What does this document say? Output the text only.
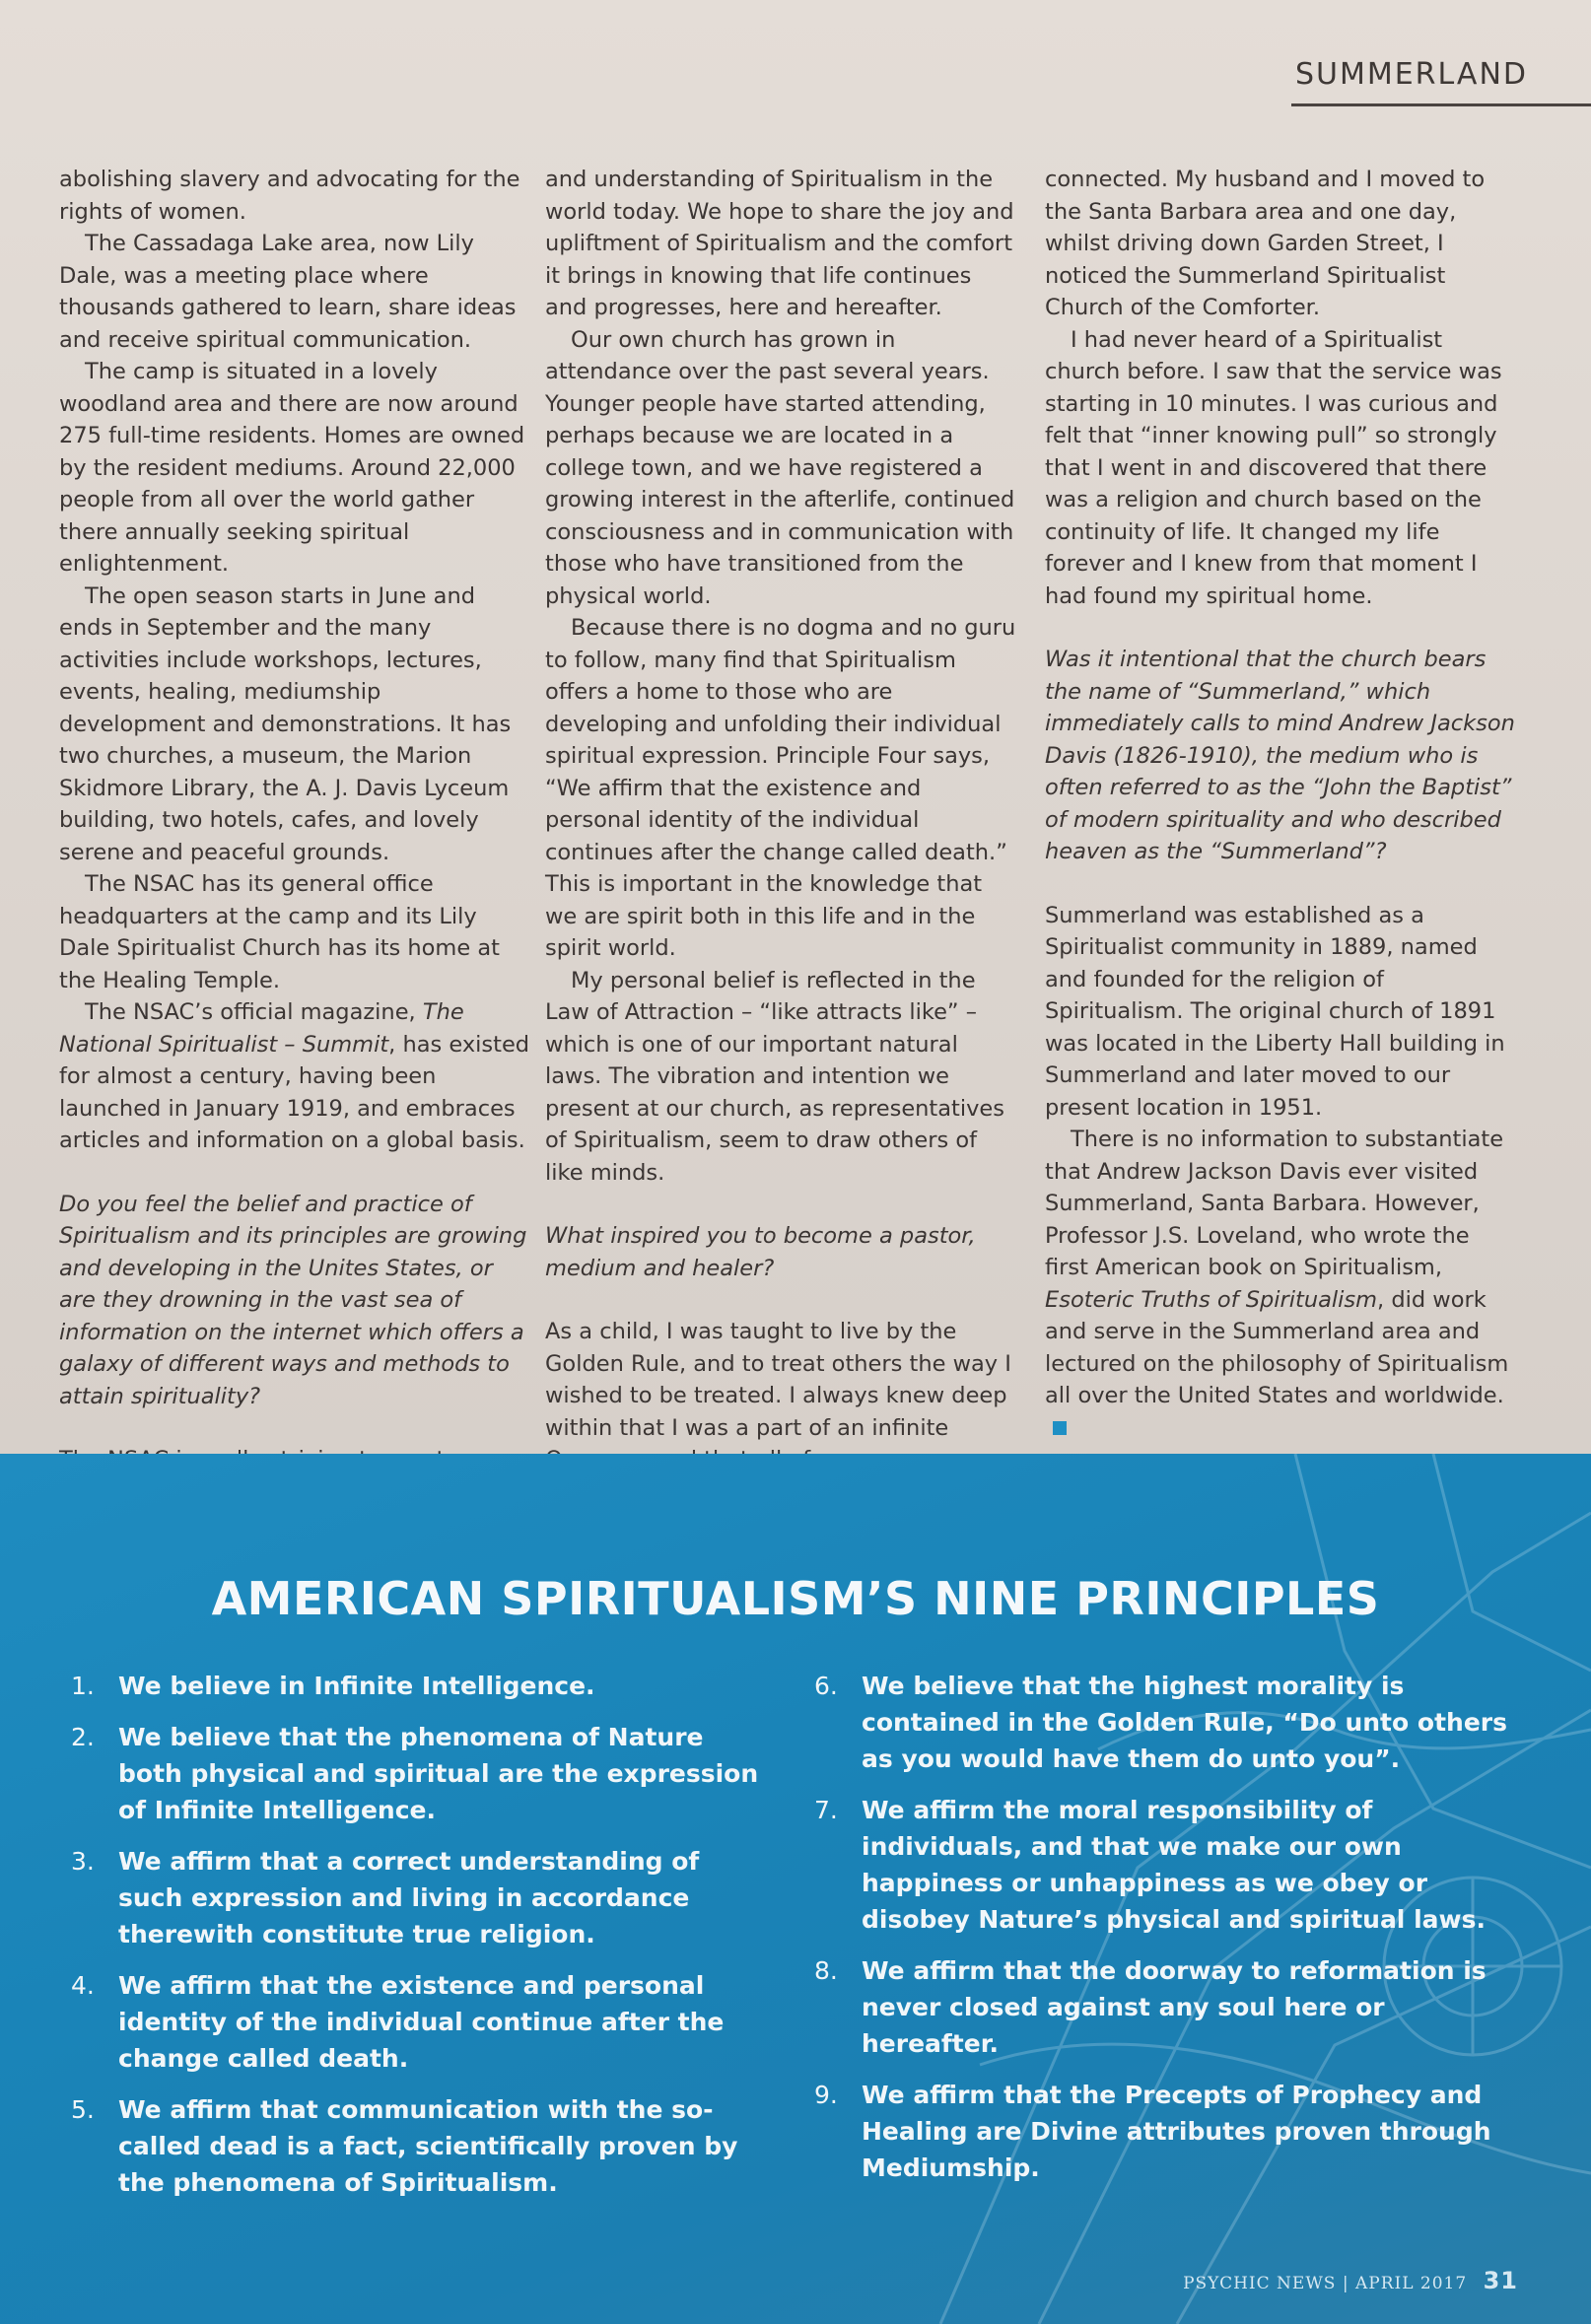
SUMMERLAND

abolishing slavery and advocating for the rights of women.

The Cassadaga Lake area, now Lily Dale, was a meeting place where thousands gathered to learn, share ideas and receive spiritual communication.

The camp is situated in a lovely woodland area and there are now around 275 full-time residents. Homes are owned by the resident mediums. Around 22,000 people from all over the world gather there annually seeking spiritual enlightenment.

The open season starts in June and ends in September and the many activities include workshops, lectures, events, healing, mediumship development and demonstrations. It has two churches, a museum, the Marion Skidmore Library, the A. J. Davis Lyceum building, two hotels, cafes, and lovely serene and peaceful grounds.

The NSAC has its general office headquarters at the camp and its Lily Dale Spiritualist Church has its home at the Healing Temple.

The NSAC’s official magazine, The National Spiritualist – Summit, has existed for almost a century, having been launched in January 1919, and embraces articles and information on a global basis.

Do you feel the belief and practice of Spiritualism and its principles are growing and developing in the Unites States, or are they drowning in the vast sea of information on the internet which offers a galaxy of different ways and methods to attain spirituality?

and understanding of Spiritualism in the world today. We hope to share the joy and upliftment of Spiritualism and the comfort it brings in knowing that life continues and progresses, here and hereafter.

Our own church has grown in attendance over the past several years. Younger people have started attending, perhaps because we are located in a college town, and we have registered a growing interest in the afterlife, continued consciousness and in communication with those who have transitioned from the physical world.

Because there is no dogma and no guru to follow, many find that Spiritualism offers a home to those who are developing and unfolding their individual spiritual expression. Principle Four says, “We affirm that the existence and personal identity of the individual continues after the change called death.” This is important in the knowledge that we are spirit both in this life and in the spirit world.

My personal belief is reflected in the Law of Attraction – “like attracts like” – which is one of our important natural laws. The vibration and intention we present at our church, as representatives of Spiritualism, seem to draw others of like minds.

What inspired you to become a pastor, medium and healer?

As a child, I was taught to live by the Golden Rule, and to treat others the way I wished to be treated. I always knew deep within that I was a part of an infinite

connected. My husband and I moved to the Santa Barbara area and one day, whilst driving down Garden Street, I noticed the Summerland Spiritualist Church of the Comforter.

I had never heard of a Spiritualist church before. I saw that the service was starting in 10 minutes. I was curious and felt that “inner knowing pull” so strongly that I went in and discovered that there was a religion and church based on the continuity of life. It changed my life forever and I knew from that moment I had found my spiritual home.

Was it intentional that the church bears the name of “Summerland,” which immediately calls to mind Andrew Jackson Davis (1826-1910), the medium who is often referred to as the “John the Baptist” of modern spirituality and who described heaven as the “Summerland”?

Summerland was established as a Spiritualist community in 1889, named and founded for the religion of Spiritualism. The original church of 1891 was located in the Liberty Hall building in Summerland and later moved to our present location in 1951.

There is no information to substantiate that Andrew Jackson Davis ever visited Summerland, Santa Barbara. However, Professor J.S. Loveland, who wrote the first American book on Spiritualism, Esoteric Truths of Spiritualism, did work and serve in the Summerland area and lectured on the philosophy of Spiritualism all over the United States and worldwide.

AMERICAN SPIRITUALISM’S NINE PRINCIPLES
1. We believe in Infinite Intelligence.
2. We believe that the phenomena of Nature both physical and spiritual are the expression of Infinite Intelligence.
3. We affirm that a correct understanding of such expression and living in accordance therewith constitute true religion.
4. We affirm that the existence and personal identity of the individual continue after the change called death.
5. We affirm that communication with the so-called dead is a fact, scientifically proven by the phenomena of Spiritualism.
6. We believe that the highest morality is contained in the Golden Rule, “Do unto others as you would have them do unto you”.
7. We affirm the moral responsibility of individuals, and that we make our own happiness or unhappiness as we obey or disobey Nature’s physical and spiritual laws.
8. We affirm that the doorway to reformation is never closed against any soul here or hereafter.
9. We affirm that the Precepts of Prophecy and Healing are Divine attributes proven through Mediumship.
PSYCHIC NEWS | APRIL 2017 31
